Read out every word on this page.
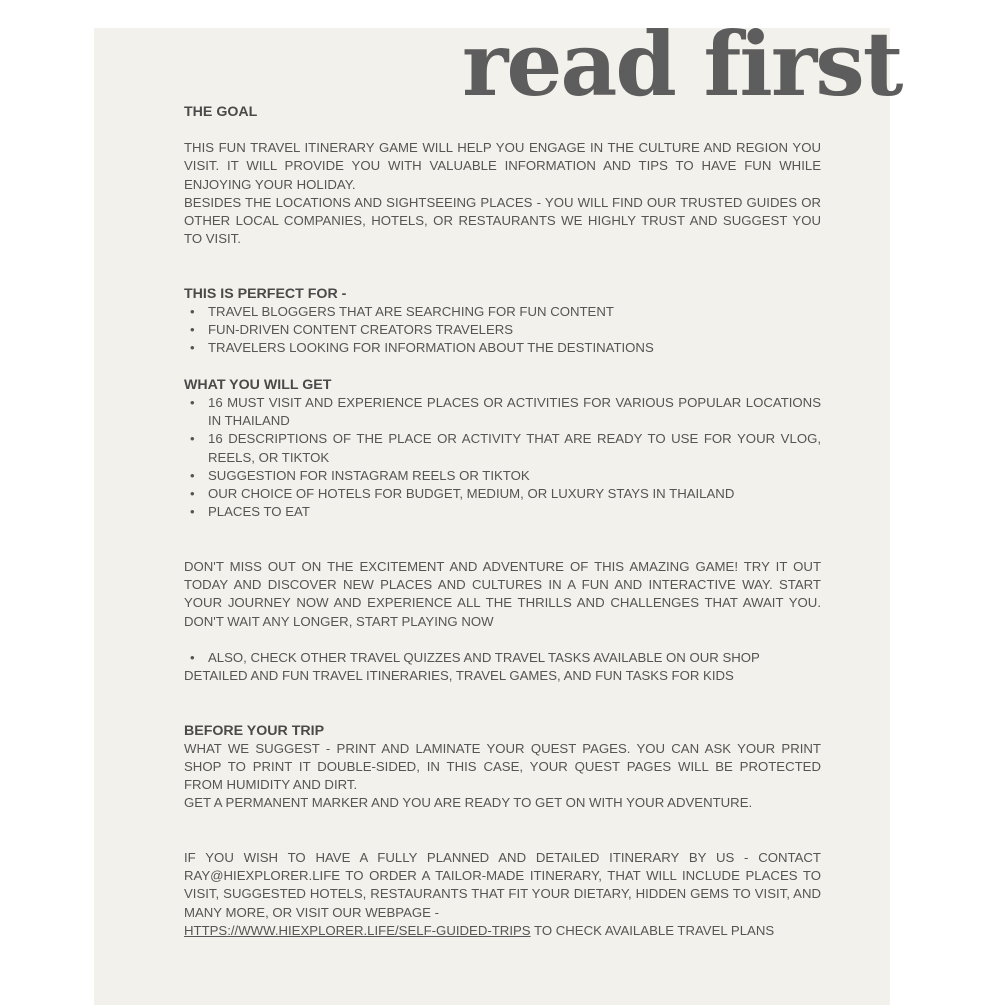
read first
THE GOAL

THIS FUN TRAVEL ITINERARY GAME WILL HELP YOU ENGAGE IN THE CULTURE AND REGION YOU VISIT. IT WILL PROVIDE YOU WITH VALUABLE INFORMATION AND TIPS TO HAVE FUN WHILE ENJOYING YOUR HOLIDAY.

BESIDES THE LOCATIONS AND SIGHTSEEING PLACES - YOU WILL FIND OUR TRUSTED GUIDES OR OTHER LOCAL COMPANIES, HOTELS, OR RESTAURANTS WE HIGHLY TRUST AND SUGGEST YOU TO VISIT.

THIS IS PERFECT FOR -
• TRAVEL BLOGGERS THAT ARE SEARCHING FOR FUN CONTENT
• FUN-DRIVEN CONTENT CREATORS TRAVELERS
• TRAVELERS LOOKING FOR INFORMATION ABOUT THE DESTINATIONS
WHAT YOU WILL GET
• 16 MUST VISIT AND EXPERIENCE PLACES OR ACTIVITIES FOR VARIOUS POPULAR LOCATIONS IN THAILAND
• 16 DESCRIPTIONS OF THE PLACE OR ACTIVITY THAT ARE READY TO USE FOR YOUR VLOG, REELS, OR TIKTOK
• SUGGESTION FOR INSTAGRAM REELS OR TIKTOK
• OUR CHOICE OF HOTELS FOR BUDGET, MEDIUM, OR LUXURY STAYS IN THAILAND
• PLACES TO EAT

DON'T MISS OUT ON THE EXCITEMENT AND ADVENTURE OF THIS AMAZING GAME! TRY IT OUT TODAY AND DISCOVER NEW PLACES AND CULTURES IN A FUN AND INTERACTIVE WAY. START YOUR JOURNEY NOW AND EXPERIENCE ALL THE THRILLS AND CHALLENGES THAT AWAIT YOU. DON'T WAIT ANY LONGER, START PLAYING NOW

• ALSO, CHECK OTHER TRAVEL QUIZZES AND TRAVEL TASKS AVAILABLE ON OUR SHOP

DETAILED AND FUN TRAVEL ITINERARIES, TRAVEL GAMES, AND FUN TASKS FOR KIDS

BEFORE YOUR TRIP

WHAT WE SUGGEST - PRINT AND LAMINATE YOUR QUEST PAGES. YOU CAN ASK YOUR PRINT SHOP TO PRINT IT DOUBLE-SIDED, IN THIS CASE, YOUR QUEST PAGES WILL BE PROTECTED FROM HUMIDITY AND DIRT.

GET A PERMANENT MARKER AND YOU ARE READY TO GET ON WITH YOUR ADVENTURE.

IF YOU WISH TO HAVE A FULLY PLANNED AND DETAILED ITINERARY BY US - CONTACT RAY@HIEXPLORER.LIFE TO ORDER A TAILOR-MADE ITINERARY, THAT WILL INCLUDE PLACES TO VISIT, SUGGESTED HOTELS, RESTAURANTS THAT FIT YOUR DIETARY, HIDDEN GEMS TO VISIT, AND MANY MORE, OR VISIT OUR WEBPAGE -
HTTPS://WWW.HIEXPLORER.LIFE/SELF-GUIDED-TRIPS TO CHECK AVAILABLE TRAVEL PLANS
